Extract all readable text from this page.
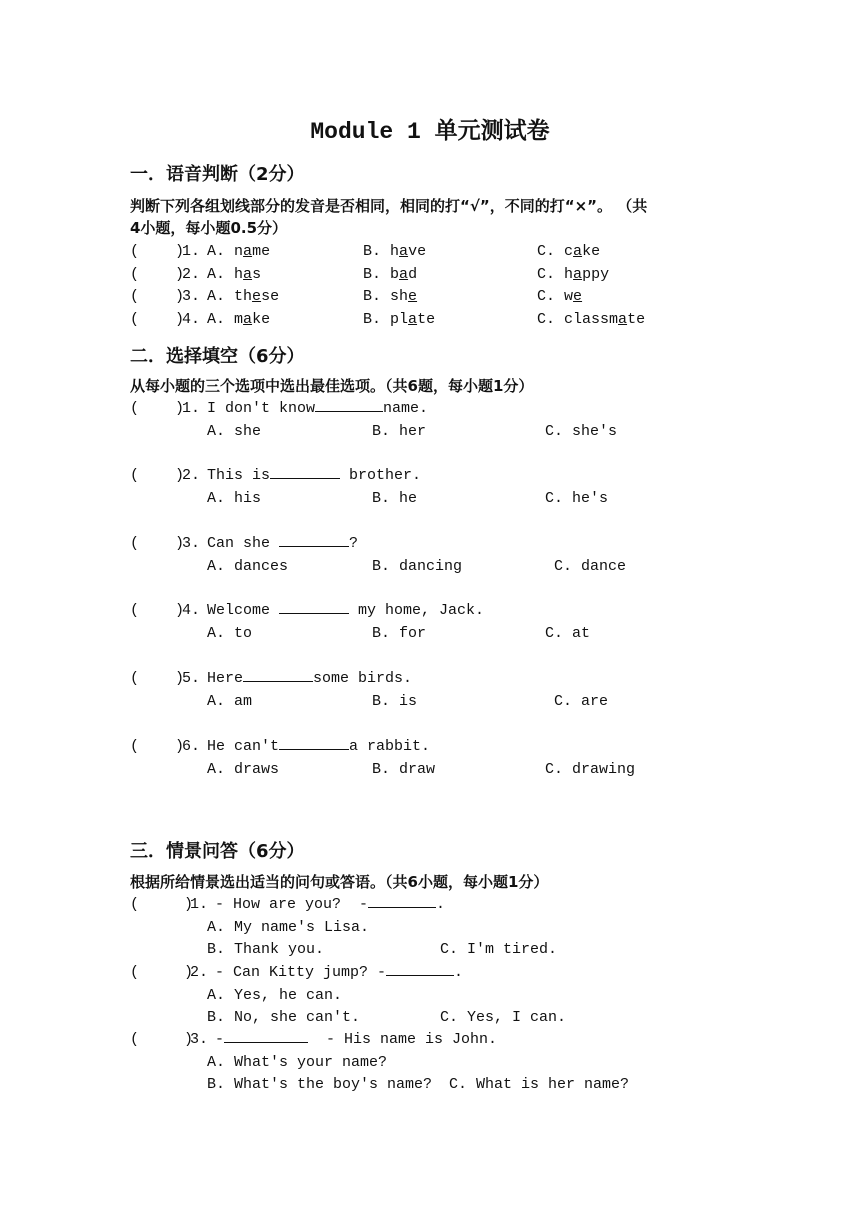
Module 1 单元测试卷
一．语音判断（2分）
判断下列各组划线部分的发音是否相同，相同的打“√”，不同的打“×”。 （共
4小题，每小题0.5分）
(    )
1. A. name	B. have	C. cake
(    )
2. A. has	B. bad	C. happy
(    )
3. A. these	B. she	C. we
(    )
4. A. make	B. plate	C. classmate
二．选择填空（6分）
从每小题的三个选项中选出最佳选项。（共6题，每小题1分）
(    )
1. I don't know	name.
A. she	B. her	C. she's
(    )
2. This is	brother.
A. his	B. he	C. he's
(    )
3. Can she	?
A. dances	B. dancing	C. dance
(    )
4. Welcome	my home, Jack.
A. to	B. for	C. at
(    )
5. Here	some birds.
A. am	B. is	C. are
(    )
6. He can't	a rabbit.
A. draws	B. draw	C. drawing
三．情景问答（6分）
根据所给情景选出适当的问句或答语。（共6小题，每小题1分）
(     )
1. - How are you?  -	.
A. My name's Lisa.
B. Thank you.	C. I'm tired.
(     )
2. - Can Kitty jump? -	.
A. Yes, he can.
B. No, she can't.	C. Yes, I can.
(     )
3. -	- His name is John.
A. What's your name?
B. What's the boy's name? C. What is her name?
